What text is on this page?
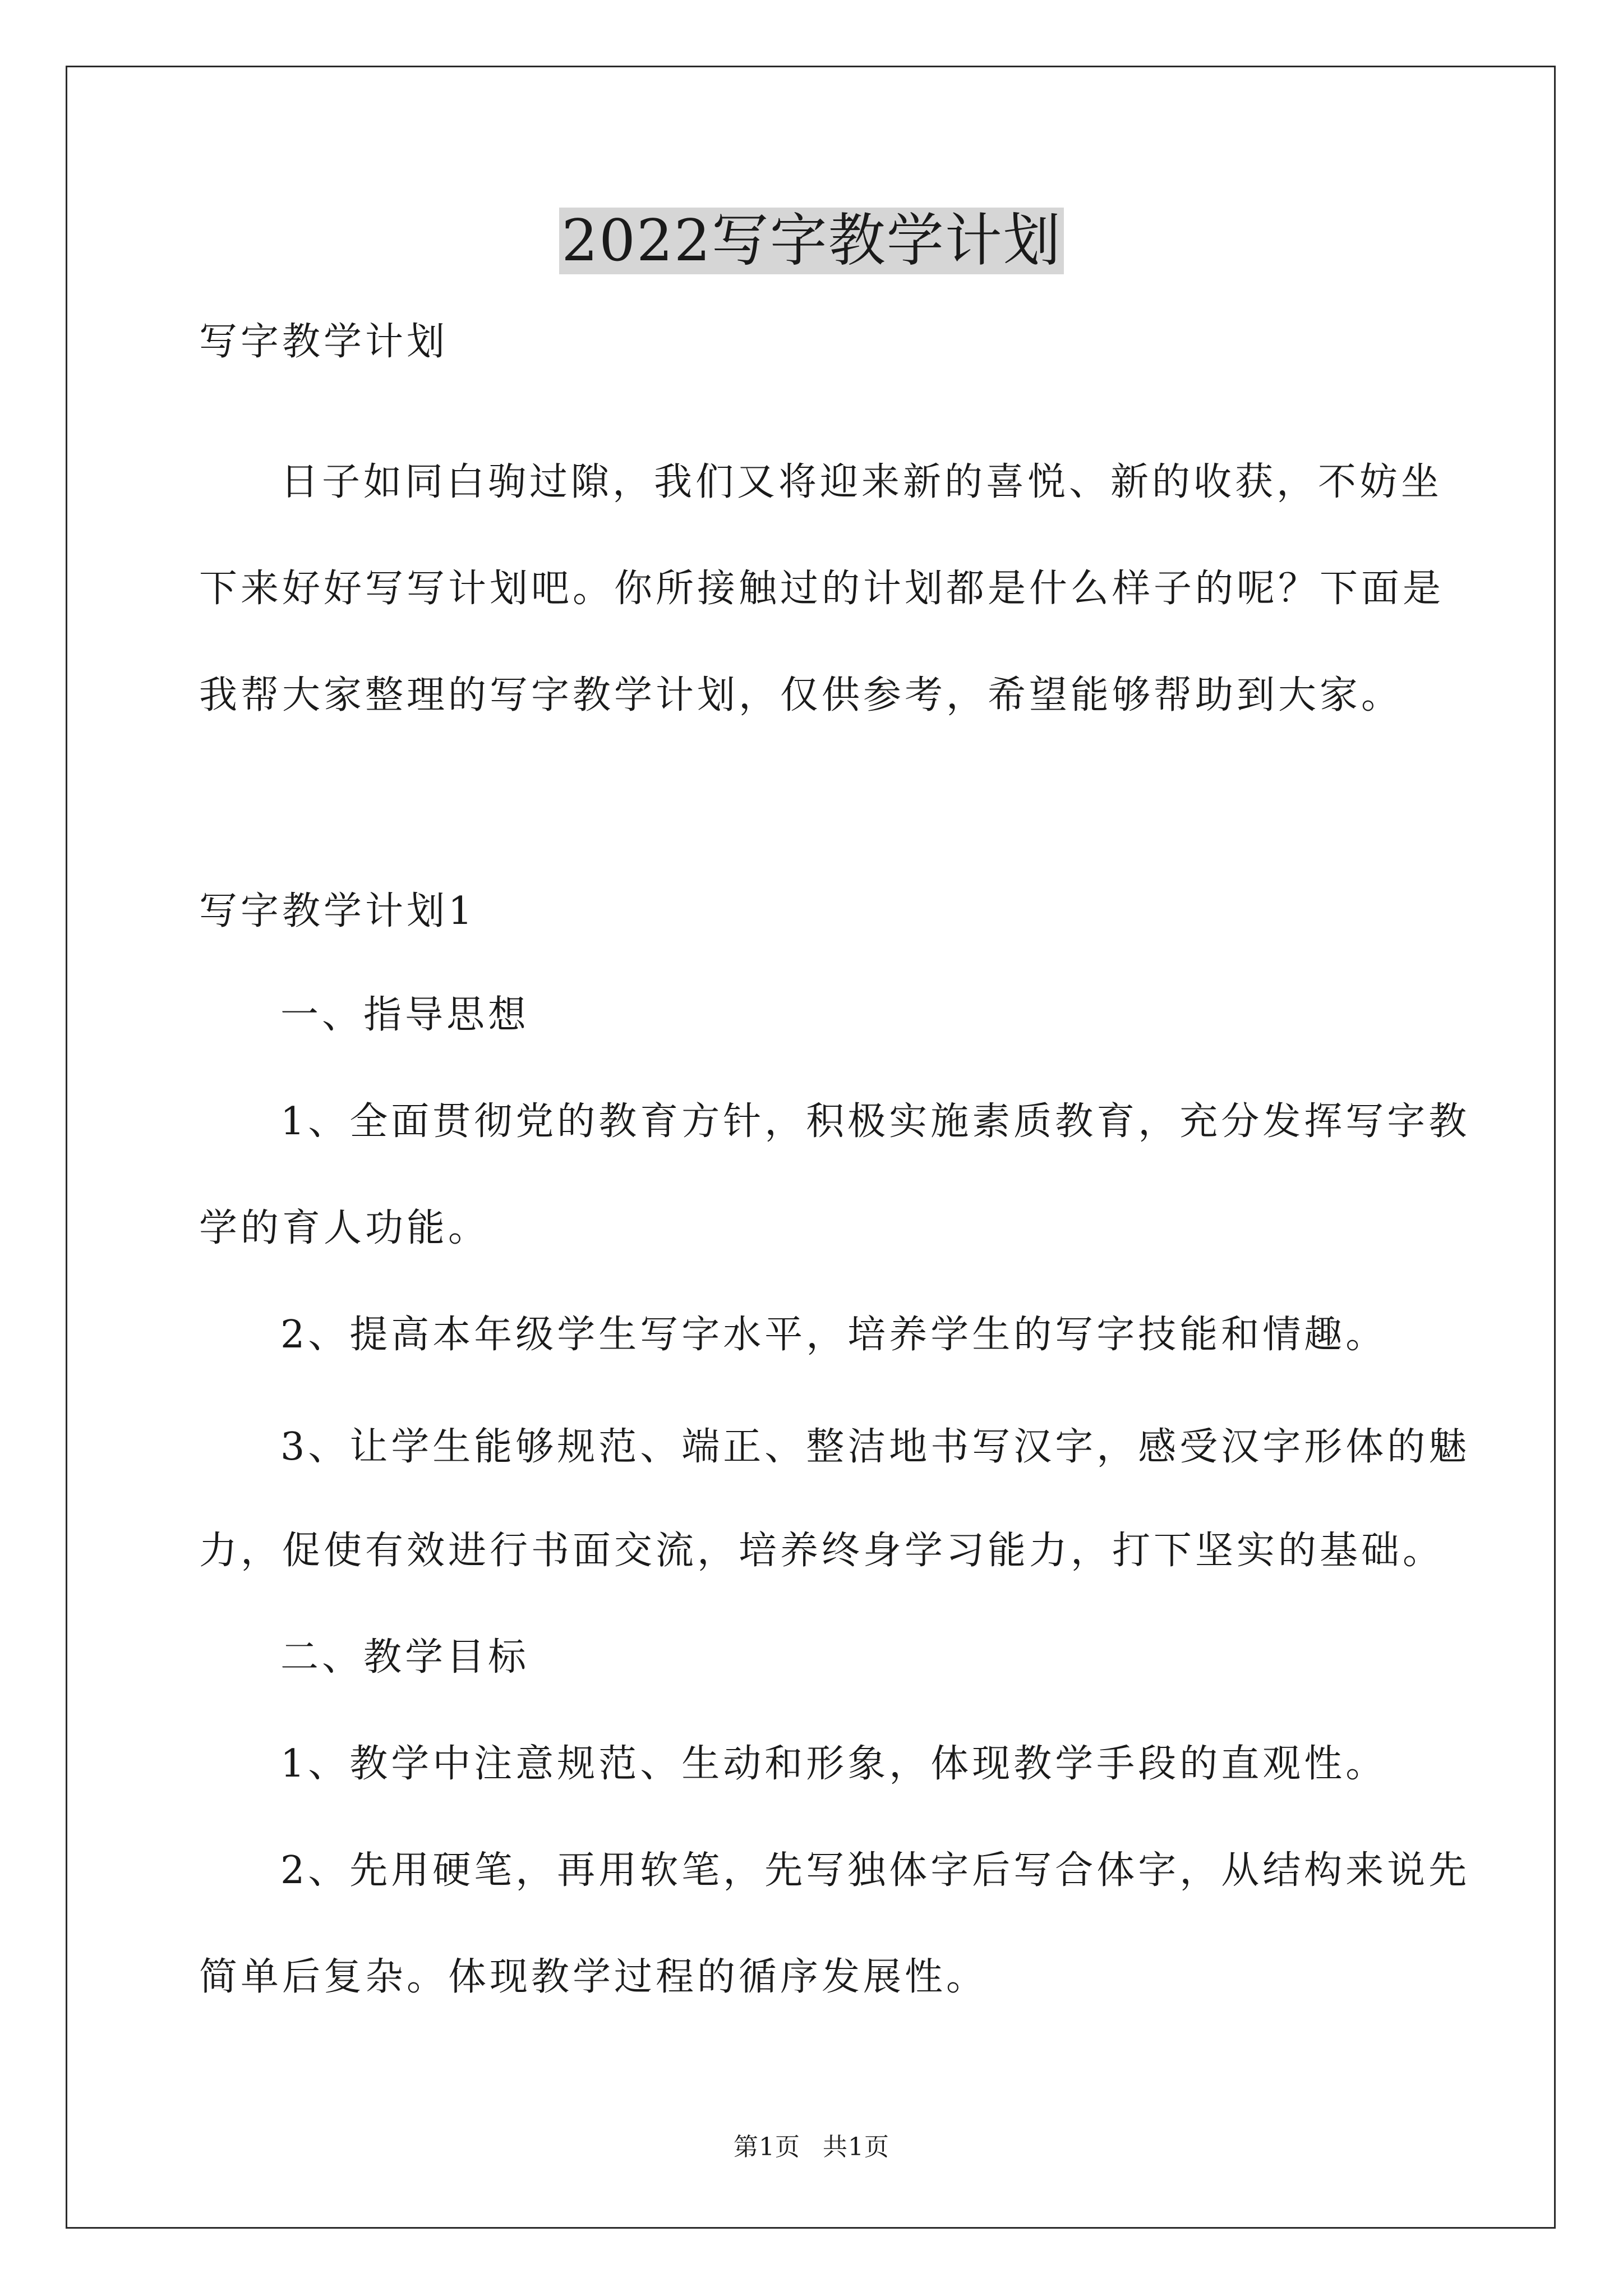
2022写字教学计划
写字教学计划
日子如同白驹过隙，我们又将迎来新的喜悦、新的收获，不妨坐
下来好好写写计划吧。你所接触过的计划都是什么样子的呢？下面是
我帮大家整理的写字教学计划，仅供参考，希望能够帮助到大家。
写字教学计划1
一、指导思想
1、全面贯彻党的教育方针，积极实施素质教育，充分发挥写字教
学的育人功能。
2、提高本年级学生写字水平，培养学生的写字技能和情趣。
3、让学生能够规范、端正、整洁地书写汉字，感受汉字形体的魅
力，促使有效进行书面交流，培养终身学习能力，打下坚实的基础。
二、教学目标
1、教学中注意规范、生动和形象，体现教学手段的直观性。
2、先用硬笔，再用软笔，先写独体字后写合体字，从结构来说先
简单后复杂。体现教学过程的循序发展性。
第1页 共1页
